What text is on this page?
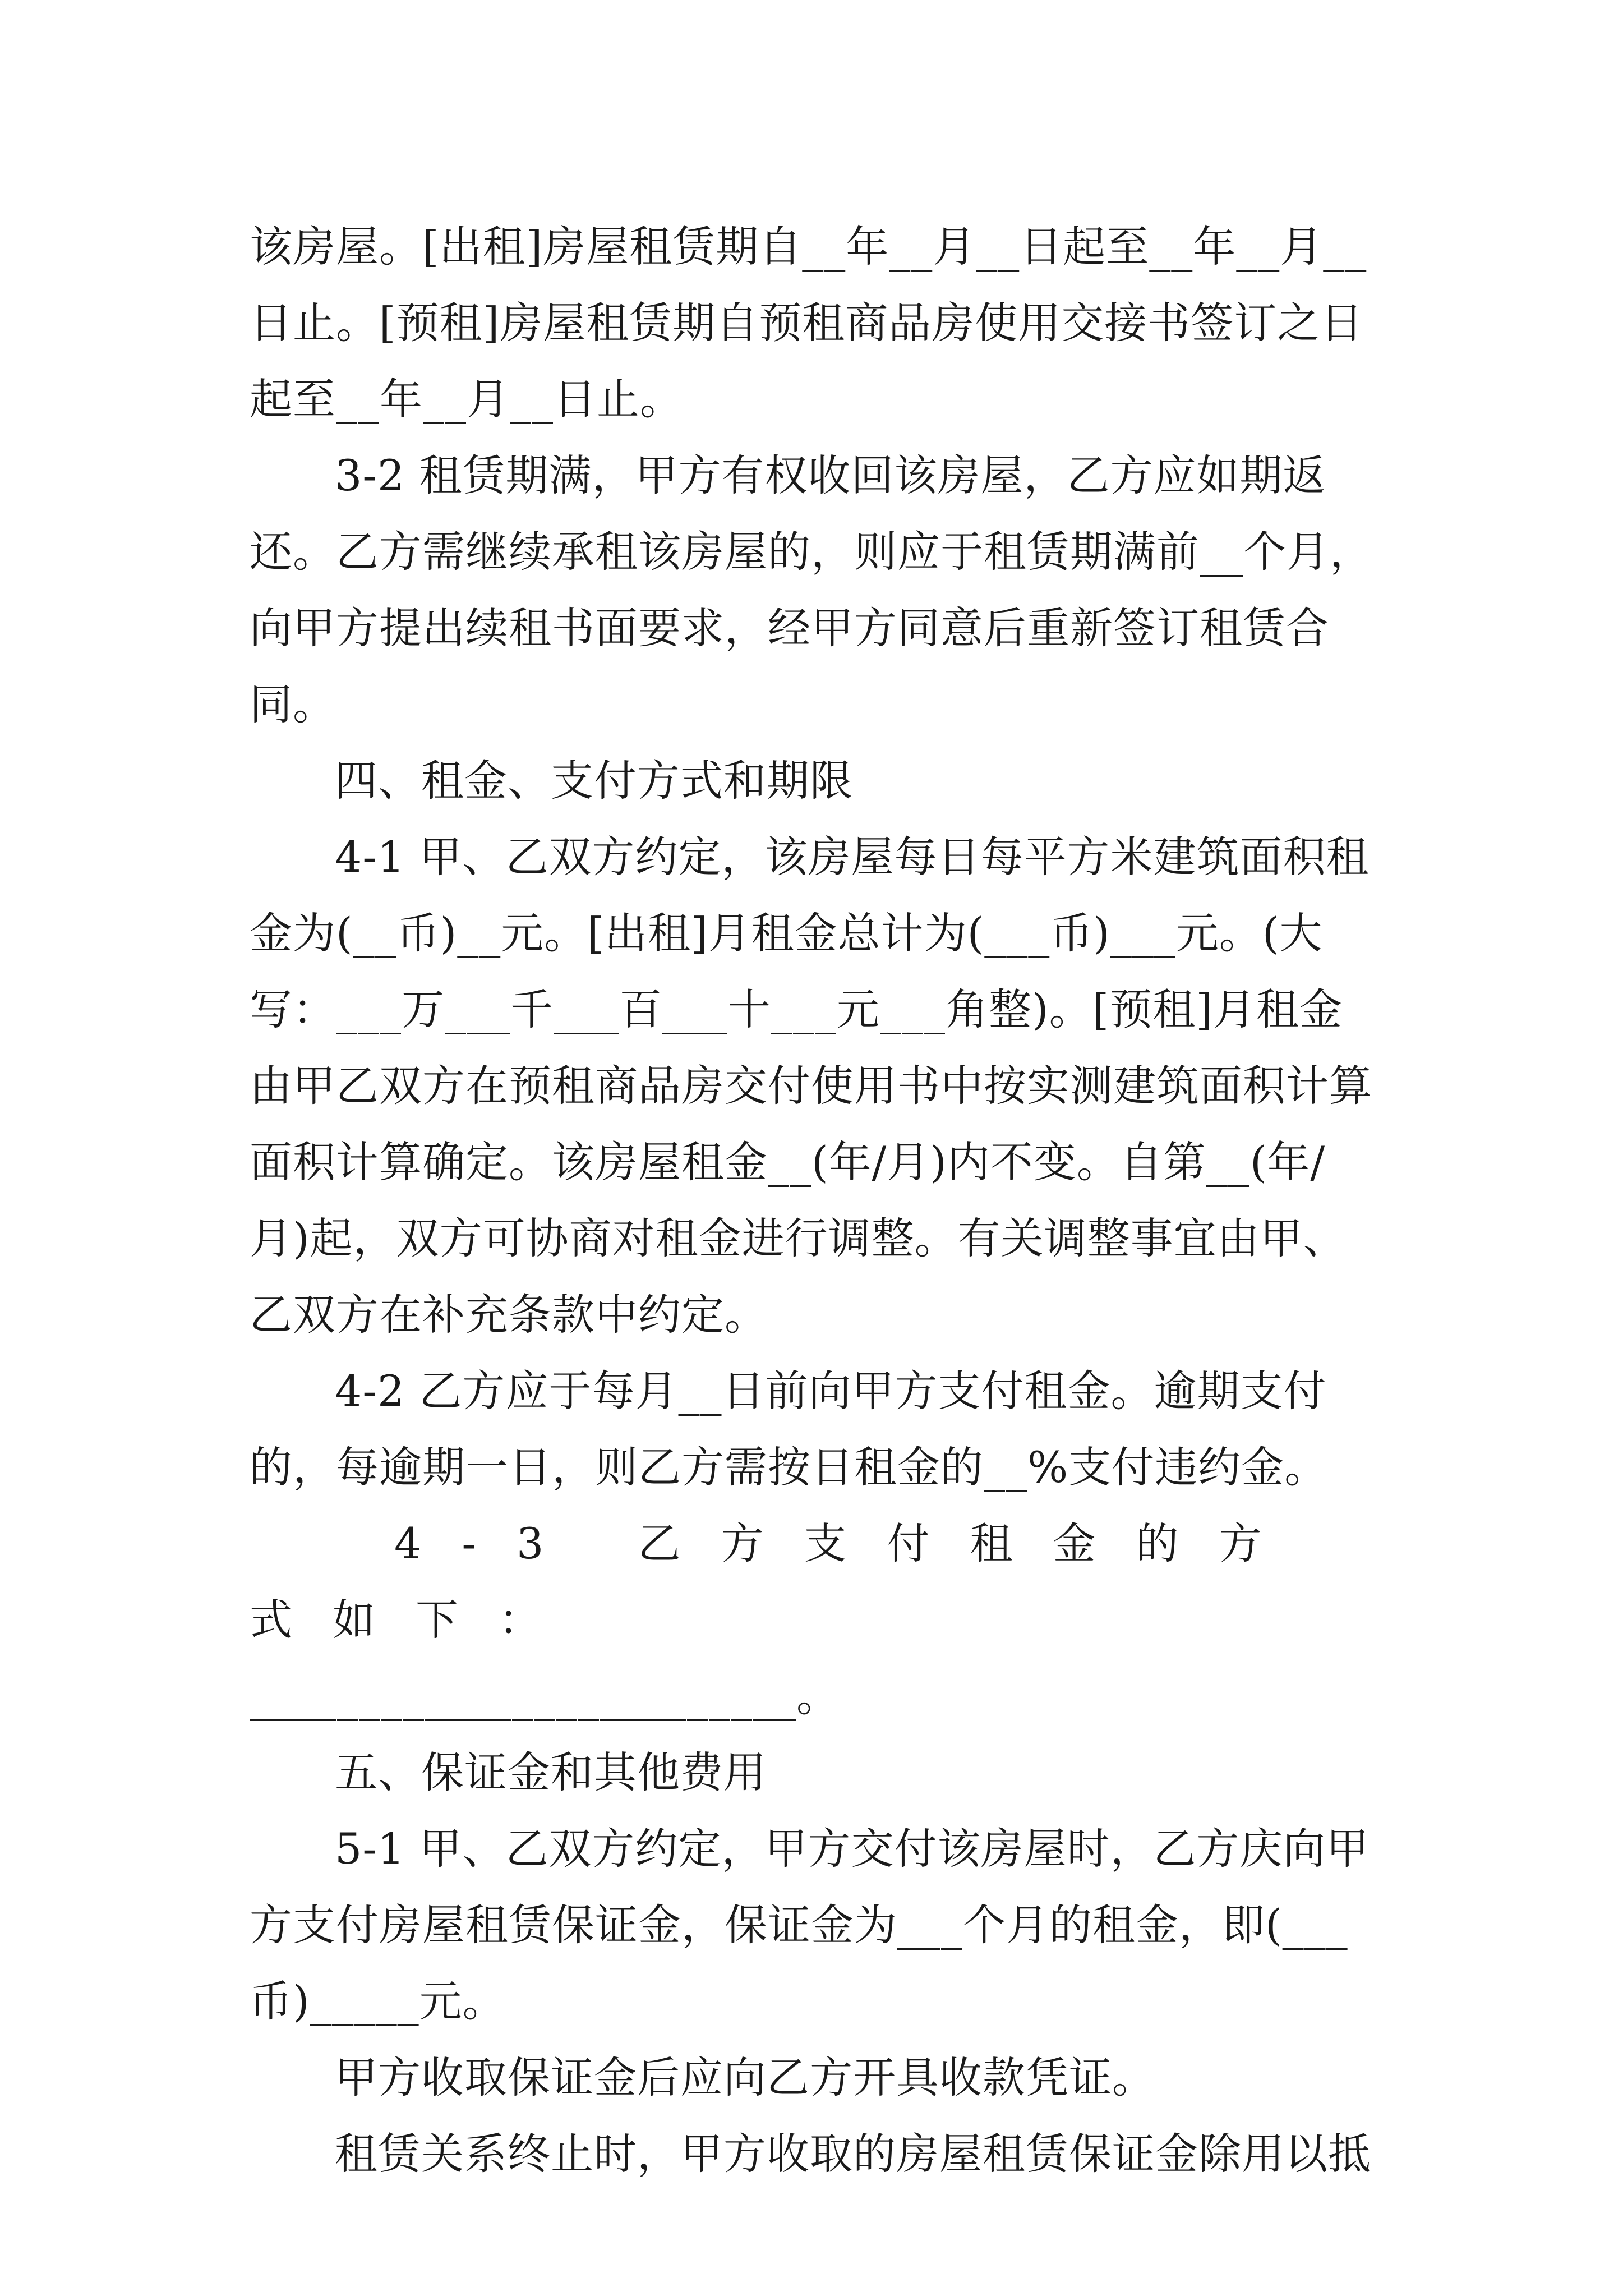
该房屋。[出租]房屋租赁期自__年__月__日起至__年__月__日止。[预租]房屋租赁期自预租商品房使用交接书签订之日起至__年__月__日止。

3-2 租赁期满，甲方有权收回该房屋，乙方应如期返还。乙方需继续承租该房屋的，则应于租赁期满前__个月，向甲方提出续租书面要求，经甲方同意后重新签订租赁合同。

四、租金、支付方式和期限

4-1 甲、乙双方约定，该房屋每日每平方米建筑面积租金为(__币)__元。[出租]月租金总计为(___币)___元。(大写：___万___千___百___十___元___角整)。[预租]月租金由甲乙双方在预租商品房交付使用书中按实测建筑面积计算面积计算确定。该房屋租金__(年/月)内不变。自第__(年/月)起，双方可协商对租金进行调整。有关调整事宜由甲、乙双方在补充条款中约定。

4-2 乙方应于每月__日前向甲方支付租金。逾期支付的，每逾期一日，则乙方需按日租金的__%支付违约金。

4-3 乙方支付租金的方式如下：

_________________________。

五、保证金和其他费用

5-1 甲、乙双方约定，甲方交付该房屋时，乙方庆向甲方支付房屋租赁保证金，保证金为___个月的租金，即(___币)_____元。

甲方收取保证金后应向乙方开具收款凭证。

租赁关系终止时，甲方收取的房屋租赁保证金除用以抵
